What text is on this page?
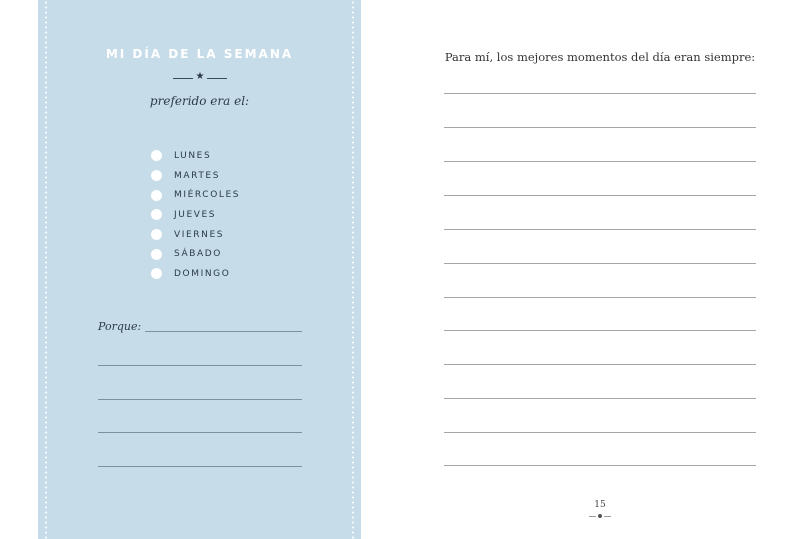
MI DÍA DE LA SEMANA
★
preferido era el:
LUNES
MARTES
MIÉRCOLES
JUEVES
VIERNES
SÁBADO
DOMINGO
Porque:
Para mí, los mejores momentos del día eran siempre:
15
